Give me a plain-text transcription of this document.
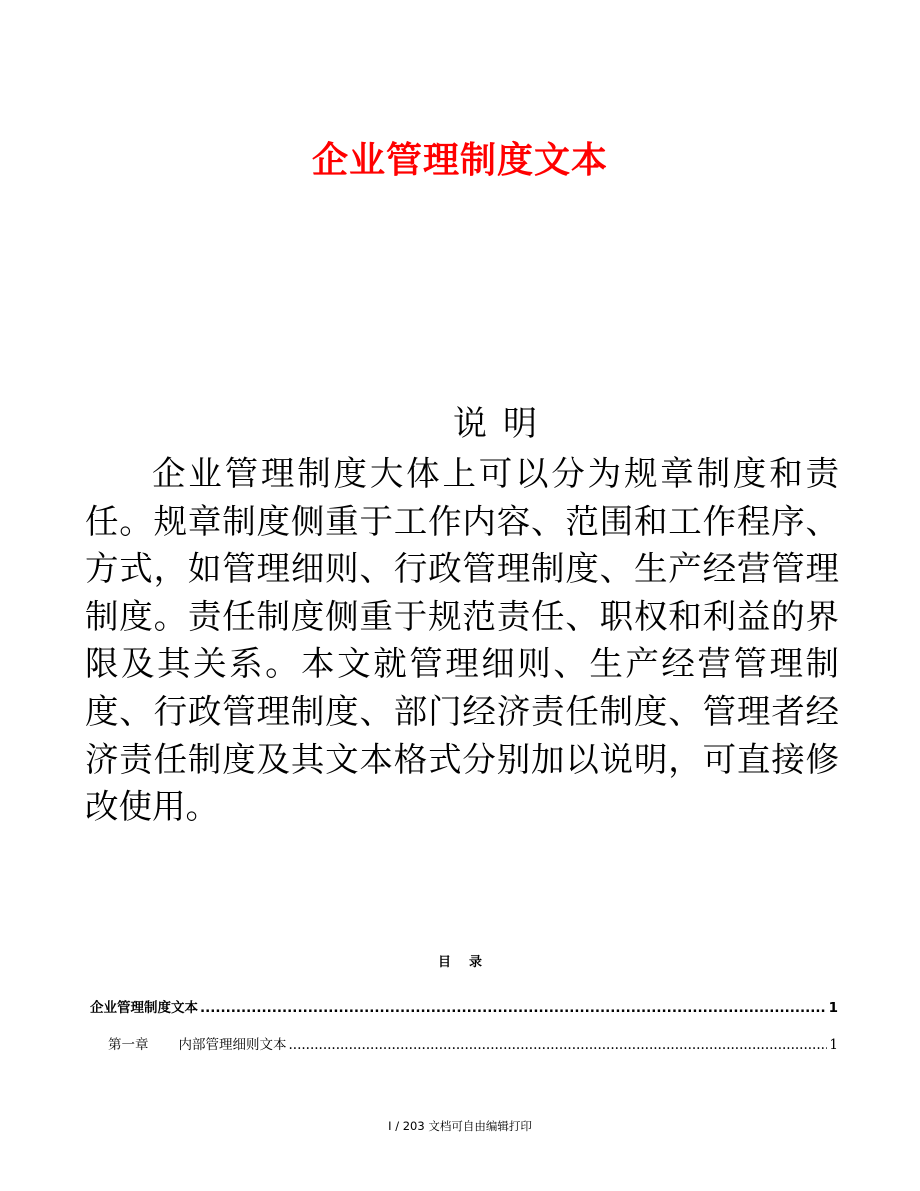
企业管理制度文本
说明

企业管理制度大体上可以分为规章制度和责任。规章制度侧重于工作内容、范围和工作程序、方式，如管理细则、行政管理制度、生产经营管理制度。责任制度侧重于规范责任、职权和利益的界限及其关系。本文就管理细则、生产经营管理制度、行政管理制度、部门经济责任制度、管理者经济责任制度及其文本格式分别加以说明，可直接修改使用。

目录
企业管理制度文本 .....	1
第一章 内部管理细则文本 .....	1
I / 203 文档可自由编辑打印
